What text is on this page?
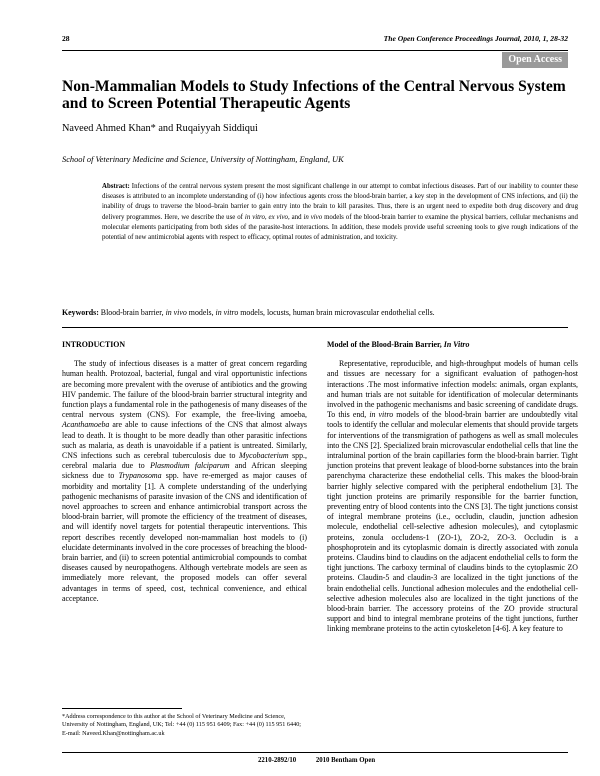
28	The Open Conference Proceedings Journal, 2010, 1, 28-32
Open Access
Non-Mammalian Models to Study Infections of the Central Nervous System and to Screen Potential Therapeutic Agents
Naveed Ahmed Khan* and Ruqaiyyah Siddiqui
School of Veterinary Medicine and Science, University of Nottingham, England, UK

Abstract: Infections of the central nervous system present the most significant challenge in our attempt to combat infectious diseases. Part of our inability to counter these diseases is attributed to an incomplete understanding of (i) how infectious agents cross the blood-brain barrier, a key step in the development of CNS infections, and (ii) the inability of drugs to traverse the blood–brain barrier to gain entry into the brain to kill parasites. Thus, there is an urgent need to expedite both drug discovery and drug delivery programmes. Here, we describe the use of in vitro, ex vivo, and in vivo models of the blood-brain barrier to examine the physical barriers, cellular mechanisms and molecular elements participating from both sides of the parasite-host interactions. In addition, these models provide useful screening tools to give rough indications of the potential of new antimicrobial agents with respect to efficacy, optimal routes of administration, and toxicity.

Keywords: Blood-brain barrier, in vivo models, in vitro models, locusts, human brain microvascular endothelial cells.
INTRODUCTION

The study of infectious diseases is a matter of great concern regarding human health. Protozoal, bacterial, fungal and viral opportunistic infections are becoming more prevalent with the overuse of antibiotics and the growing HIV pandemic. The failure of the blood-brain barrier structural integrity and function plays a fundamental role in the pathogenesis of many diseases of the central nervous system (CNS). For example, the free-living amoeba, Acanthamoeba are able to cause infections of the CNS that almost always lead to death. It is thought to be more deadly than other parasitic infections such as malaria, as death is unavoidable if a patient is untreated. Similarly, CNS infections such as cerebral tuberculosis due to Mycobacterium spp., cerebral malaria due to Plasmodium falciparum and African sleeping sickness due to Trypanosoma spp. have re-emerged as major causes of morbidity and mortality [1]. A complete understanding of the underlying pathogenic mechanisms of parasite invasion of the CNS and identification of novel approaches to screen and enhance antimicrobial transport across the blood-brain barrier, will promote the efficiency of the treatment of diseases, and will identify novel targets for potential therapeutic interventions. This report describes recently developed non-mammalian host models to (i) elucidate determinants involved in the core processes of breaching the blood-brain barrier, and (ii) to screen potential antimicrobial compounds to combat diseases caused by neuropathogens. Although vertebrate models are seen as immediately more relevant, the proposed models can offer several advantages in terms of speed, cost, technical convenience, and ethical acceptance.

Model of the Blood-Brain Barrier, In Vitro

Representative, reproducible, and high-throughput models of human cells and tissues are necessary for a significant evaluation of pathogen-host interactions .The most informative infection models: animals, organ explants, and human trials are not suitable for identification of molecular determinants involved in the pathogenic mechanisms and basic screening of candidate drugs. To this end, in vitro models of the blood-brain barrier are undoubtedly vital tools to identify the cellular and molecular elements that should provide targets for interventions of the transmigration of pathogens as well as small molecules into the CNS [2]. Specialized brain microvascular endothelial cells that line the intraluminal portion of the brain capillaries form the blood-brain barrier. Tight junction proteins that prevent leakage of blood-borne substances into the brain parenchyma characterize these endothelial cells. This makes the blood-brain barrier highly selective compared with the peripheral endothelium [3]. The tight junction proteins are primarily responsible for the barrier function, preventing entry of blood contents into the CNS [3]. The tight junctions consist of integral membrane proteins (i.e., occludin, claudin, junction adhesion molecule, endothelial cell-selective adhesion molecules), and cytoplasmic proteins, zonula occludens-1 (ZO-1), ZO-2, ZO-3. Occludin is a phosphoprotein and its cytoplasmic domain is directly associated with zonula proteins. Claudins bind to claudins on the adjacent endothelial cells to form the tight junctions. The carboxy terminal of claudins binds to the cytoplasmic ZO proteins. Claudin-5 and claudin-3 are localized in the tight junctions of the brain endothelial cells. Junctional adhesion molecules and the endothelial cell-selective adhesion molecules also are localized in the tight junctions of the blood-brain barrier. The accessory proteins of the ZO provide structural support and bind to integral membrane proteins of the tight junctions, further linking membrane proteins to the actin cytoskeleton [4-6]. A key feature to

*Address correspondence to this author at the School of Veterinary Medicine and Science, University of Nottingham, England, UK; Tel: +44 (0) 115 951 6409; Fax: +44 (0) 115 951 6440; E-mail: Naveed.Khan@nottingham.ac.uk
2210-2892/10	2010 Bentham Open
